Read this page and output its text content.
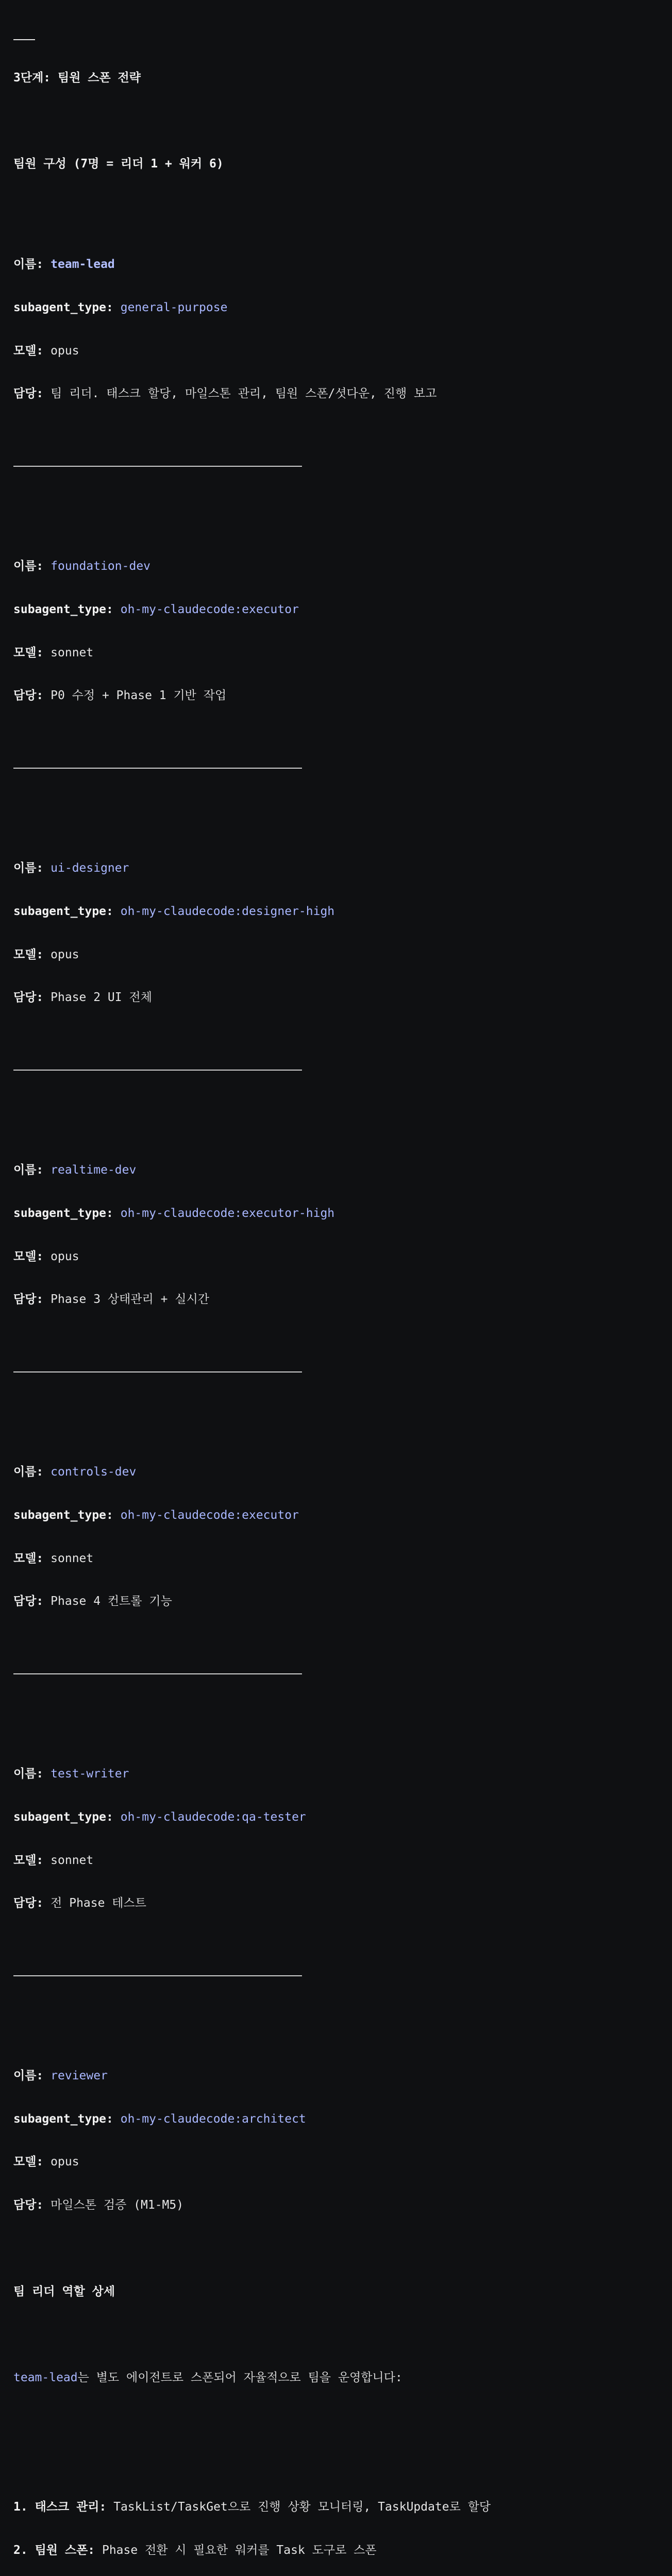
3단계: 팀원 스폰 전략

팀원 구성 (7명 = 리더 1 + 워커 6)

이름: team-lead

subagent_type: general-purpose

모델: opus

담당: 팀 리더. 태스크 할당, 마일스톤 관리, 팀원 스폰/셧다운, 진행 보고

이름: foundation-dev

subagent_type: oh-my-claudecode:executor

모델: sonnet

담당: P0 수정 + Phase 1 기반 작업

이름: ui-designer

subagent_type: oh-my-claudecode:designer-high

모델: opus

담당: Phase 2 UI 전체

이름: realtime-dev

subagent_type: oh-my-claudecode:executor-high

모델: opus

담당: Phase 3 상태관리 + 실시간

이름: controls-dev

subagent_type: oh-my-claudecode:executor

모델: sonnet

담당: Phase 4 컨트롤 기능

이름: test-writer

subagent_type: oh-my-claudecode:qa-tester

모델: sonnet

담당: 전 Phase 테스트

이름: reviewer

subagent_type: oh-my-claudecode:architect

모델: opus

담당: 마일스톤 검증 (M1-M5)

팀 리더 역할 상세

team-lead는 별도 에이전트로 스폰되어 자율적으로 팀을 운영합니다:

1. 태스크 관리: TaskList/TaskGet으로 진행 상황 모니터링, TaskUpdate로 할당

2. 팀원 스폰: Phase 전환 시 필요한 워커를 Task 도구로 스폰
